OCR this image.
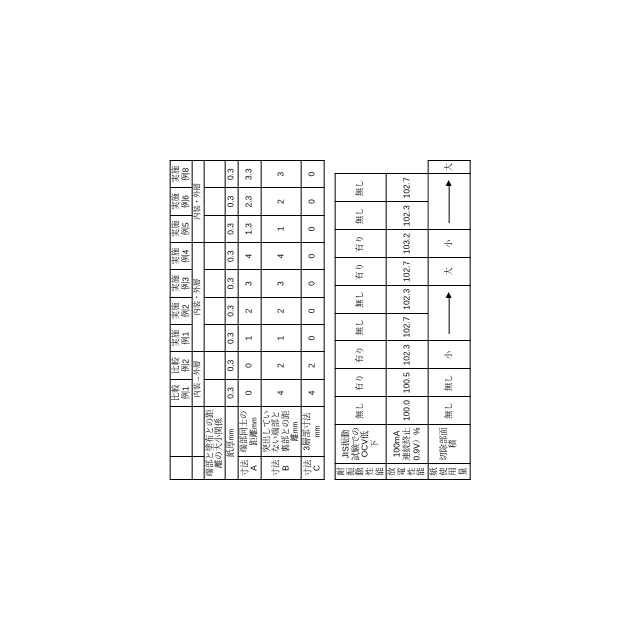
		比較例1	比較例2	実施例1	実施例2	実施例3	実施例4	実施例5	実施例6	実施例8
		内装→外層		内装・外層				内装・外層		
端部と塗布との距離の大小関係										
紙厚mm		0.3	0.3	0.3	0.3	0.3	0.3	0.3	0.3	0.3
寸法A	端部同士の距離mm	0	0	1	2	3	4	1.3	2.3	3.3
寸法B	突出していない端部と裏部との距離mm	4	2	1	2	3	4	1	2	3
寸法C	3層部寸法 mm	4	2	0	0	0	0	0	0	0
耐振動性能	JIS振動試験でのOCV低下	無し	有り	有り	無し	無し	有り	有り	無し	無し	
放電性能	100mA連続終止0.9V）%	100.0	100.5	102.3	102.7	102.3	102.7	103.2	102.3	102.7	
紙使用量	切除部面積	無し	無し	小			大	小			大
